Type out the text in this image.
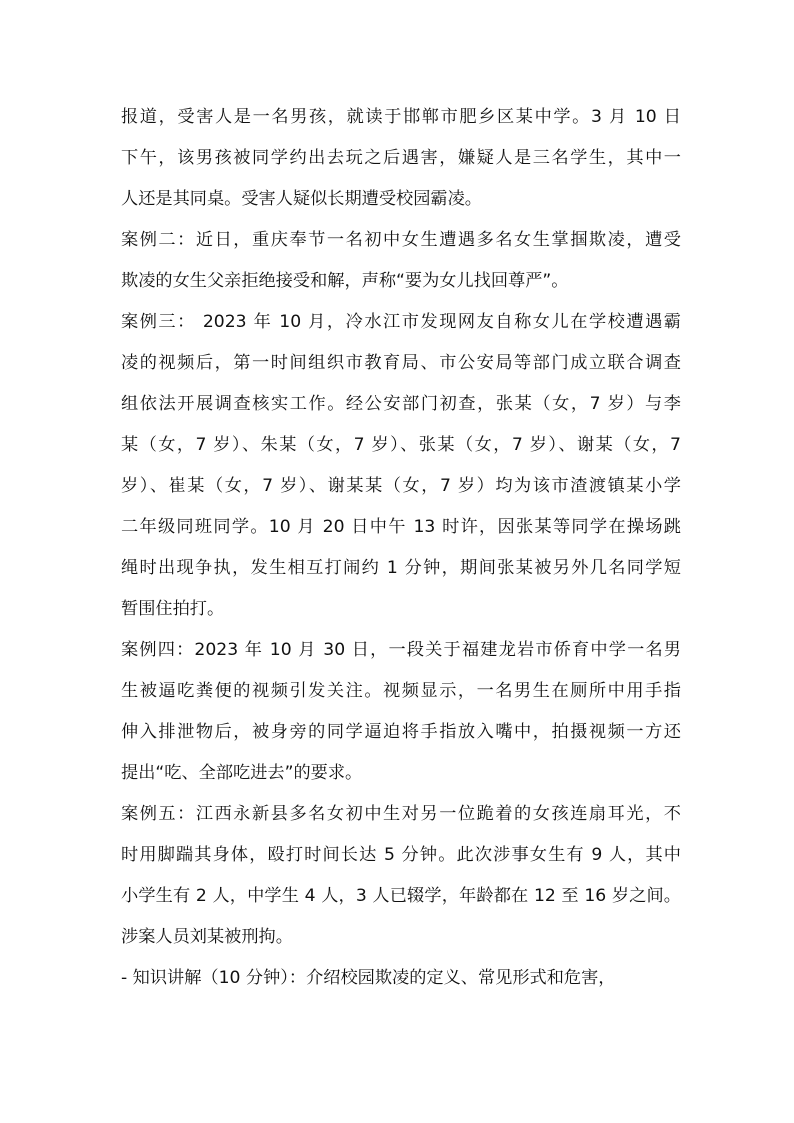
报道，受害人是一名男孩，就读于邯郸市肥乡区某中学。3 月 10 日
下午，该男孩被同学约出去玩之后遇害，嫌疑人是三名学生，其中一
人还是其同桌。受害人疑似长期遭受校园霸凌。
案例二：近日，重庆奉节一名初中女生遭遇多名女生掌掴欺凌，遭受
欺凌的女生父亲拒绝接受和解，声称“要为女儿找回尊严”。
案例三： 2023 年 10 月，冷水江市发现网友自称女儿在学校遭遇霸
凌的视频后，第一时间组织市教育局、市公安局等部门成立联合调查
组依法开展调查核实工作。经公安部门初查，张某（女，7 岁）与李
某（女，7 岁）、朱某（女，7 岁）、张某（女，7 岁）、谢某（女，7
岁）、崔某（女，7 岁）、谢某某（女，7 岁）均为该市渣渡镇某小学
二年级同班同学。10 月 20 日中午 13 时许，因张某等同学在操场跳
绳时出现争执，发生相互打闹约 1 分钟，期间张某被另外几名同学短
暂围住拍打。
案例四：2023 年 10 月 30 日，一段关于福建龙岩市侨育中学一名男
生被逼吃粪便的视频引发关注。视频显示，一名男生在厕所中用手指
伸入排泄物后，被身旁的同学逼迫将手指放入嘴中，拍摄视频一方还
提出“吃、全部吃进去”的要求。
案例五：江西永新县多名女初中生对另一位跪着的女孩连扇耳光，不
时用脚踹其身体，殴打时间长达 5 分钟。此次涉事女生有 9 人，其中
小学生有 2 人，中学生 4 人，3 人已辍学，年龄都在 12 至 16 岁之间。
涉案人员刘某被刑拘。
- 知识讲解（10 分钟）：介绍校园欺凌的定义、常见形式和危害，
